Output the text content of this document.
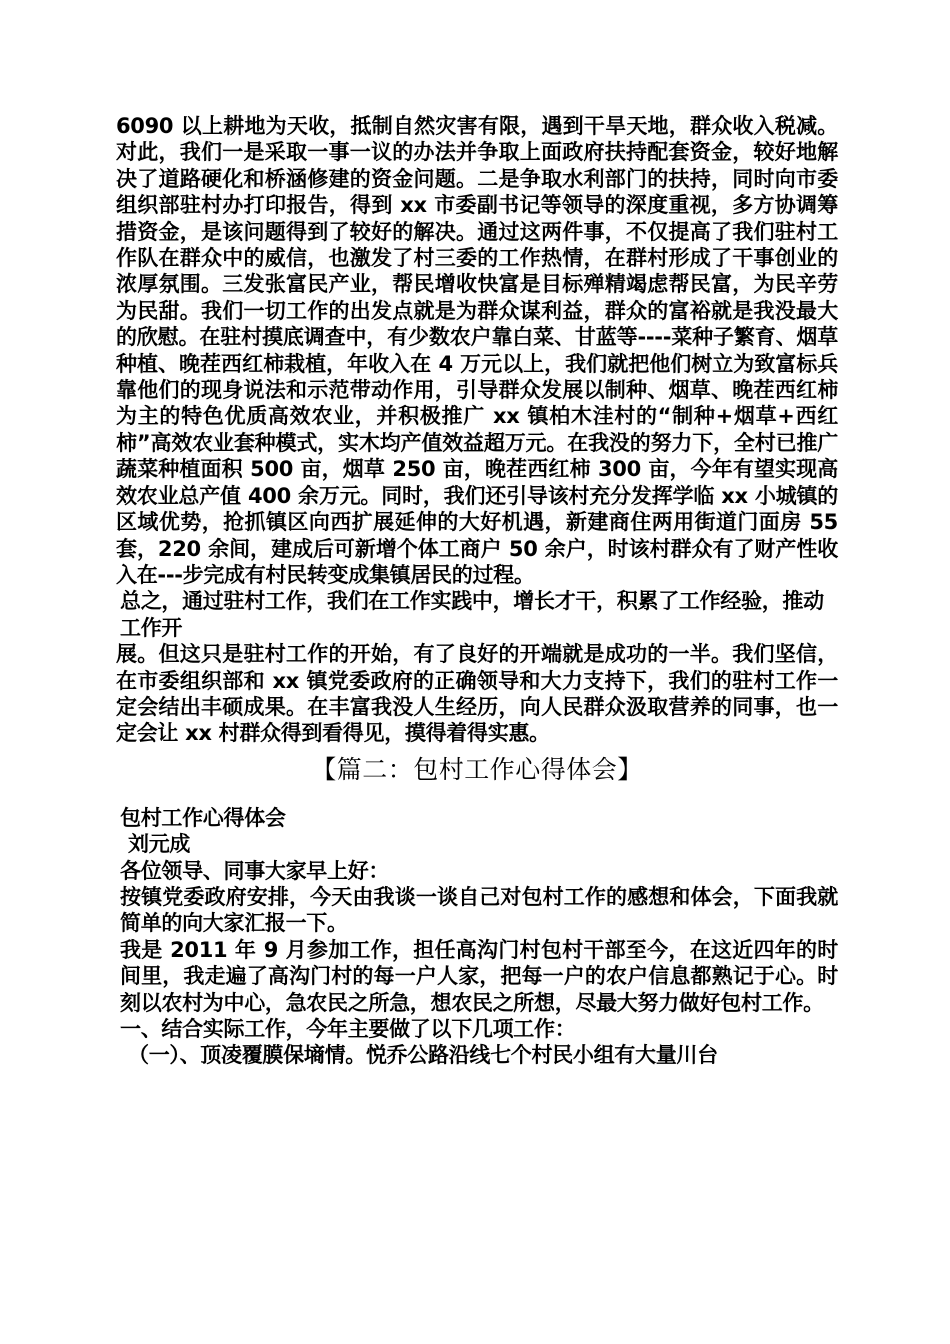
6090 以上耕地为天收，抵制自然灾害有限，遇到干旱天地，群众收入税减。对此，我们一是采取一事一议的办法并争取上面政府扶持配套资金，较好地解决了道路硬化和桥涵修建的资金问题。二是争取水利部门的扶持，同时向市委组织部驻村办打印报告，得到 xx 市委副书记等领导的深度重视，多方协调筹措资金，是该问题得到了较好的解决。通过这两件事，不仅提高了我们驻村工作队在群众中的威信，也激发了村三委的工作热情，在群村形成了干事创业的浓厚氛围。三发张富民产业，帮民增收快富是目标殚精竭虑帮民富，为民辛劳为民甜。我们一切工作的出发点就是为群众谋利益，群众的富裕就是我没最大的欣慰。在驻村摸底调查中，有少数农户靠白菜、甘蓝等----菜种子繁育、烟草种植、晚茬西红柿栽植，年收入在 4 万元以上，我们就把他们树立为致富标兵靠他们的现身说法和示范带动作用，引导群众发展以制种、烟草、晚茬西红柿为主的特色优质高效农业，并积极推广 xx 镇柏木洼村的“制种+烟草+西红柿”高效农业套种模式，实木均产值效益超万元。在我没的努力下，全村已推广蔬菜种植面积 500 亩，烟草 250 亩，晚茬西红柿 300 亩，今年有望实现高效农业总产值 400 余万元。同时，我们还引导该村充分发挥学临 xx 小城镇的区域优势，抢抓镇区向西扩展延伸的大好机遇，新建商住两用街道门面房 55 套，220 余间，建成后可新增个体工商户 50 余户，时该村群众有了财产性收入在---步完成有村民转变成集镇居民的过程。

总之，通过驻村工作，我们在工作实践中，增长才干，积累了工作经验，推动工作开

展。但这只是驻村工作的开始，有了良好的开端就是成功的一半。我们坚信，在市委组织部和 xx 镇党委政府的正确领导和大力支持下，我们的驻村工作一定会结出丰硕成果。在丰富我没人生经历，向人民群众汲取营养的同事，也一定会让 xx 村群众得到看得见，摸得着得实惠。

【篇二：包村工作心得体会】
包村工作心得体会
刘元成
各位领导、同事大家早上好：

按镇党委政府安排，今天由我谈一谈自己对包村工作的感想和体会，下面我就简单的向大家汇报一下。

我是 2011 年 9 月参加工作，担任高沟门村包村干部至今，在这近四年的时间里，我走遍了高沟门村的每一户人家，把每一户的农户信息都熟记于心。时刻以农村为中心，急农民之所急，想农民之所想，尽最大努力做好包村工作。

一、结合实际工作，今年主要做了以下几项工作：
（一）、顶凌覆膜保墒情。悦乔公路沿线七个村民小组有大量川台
